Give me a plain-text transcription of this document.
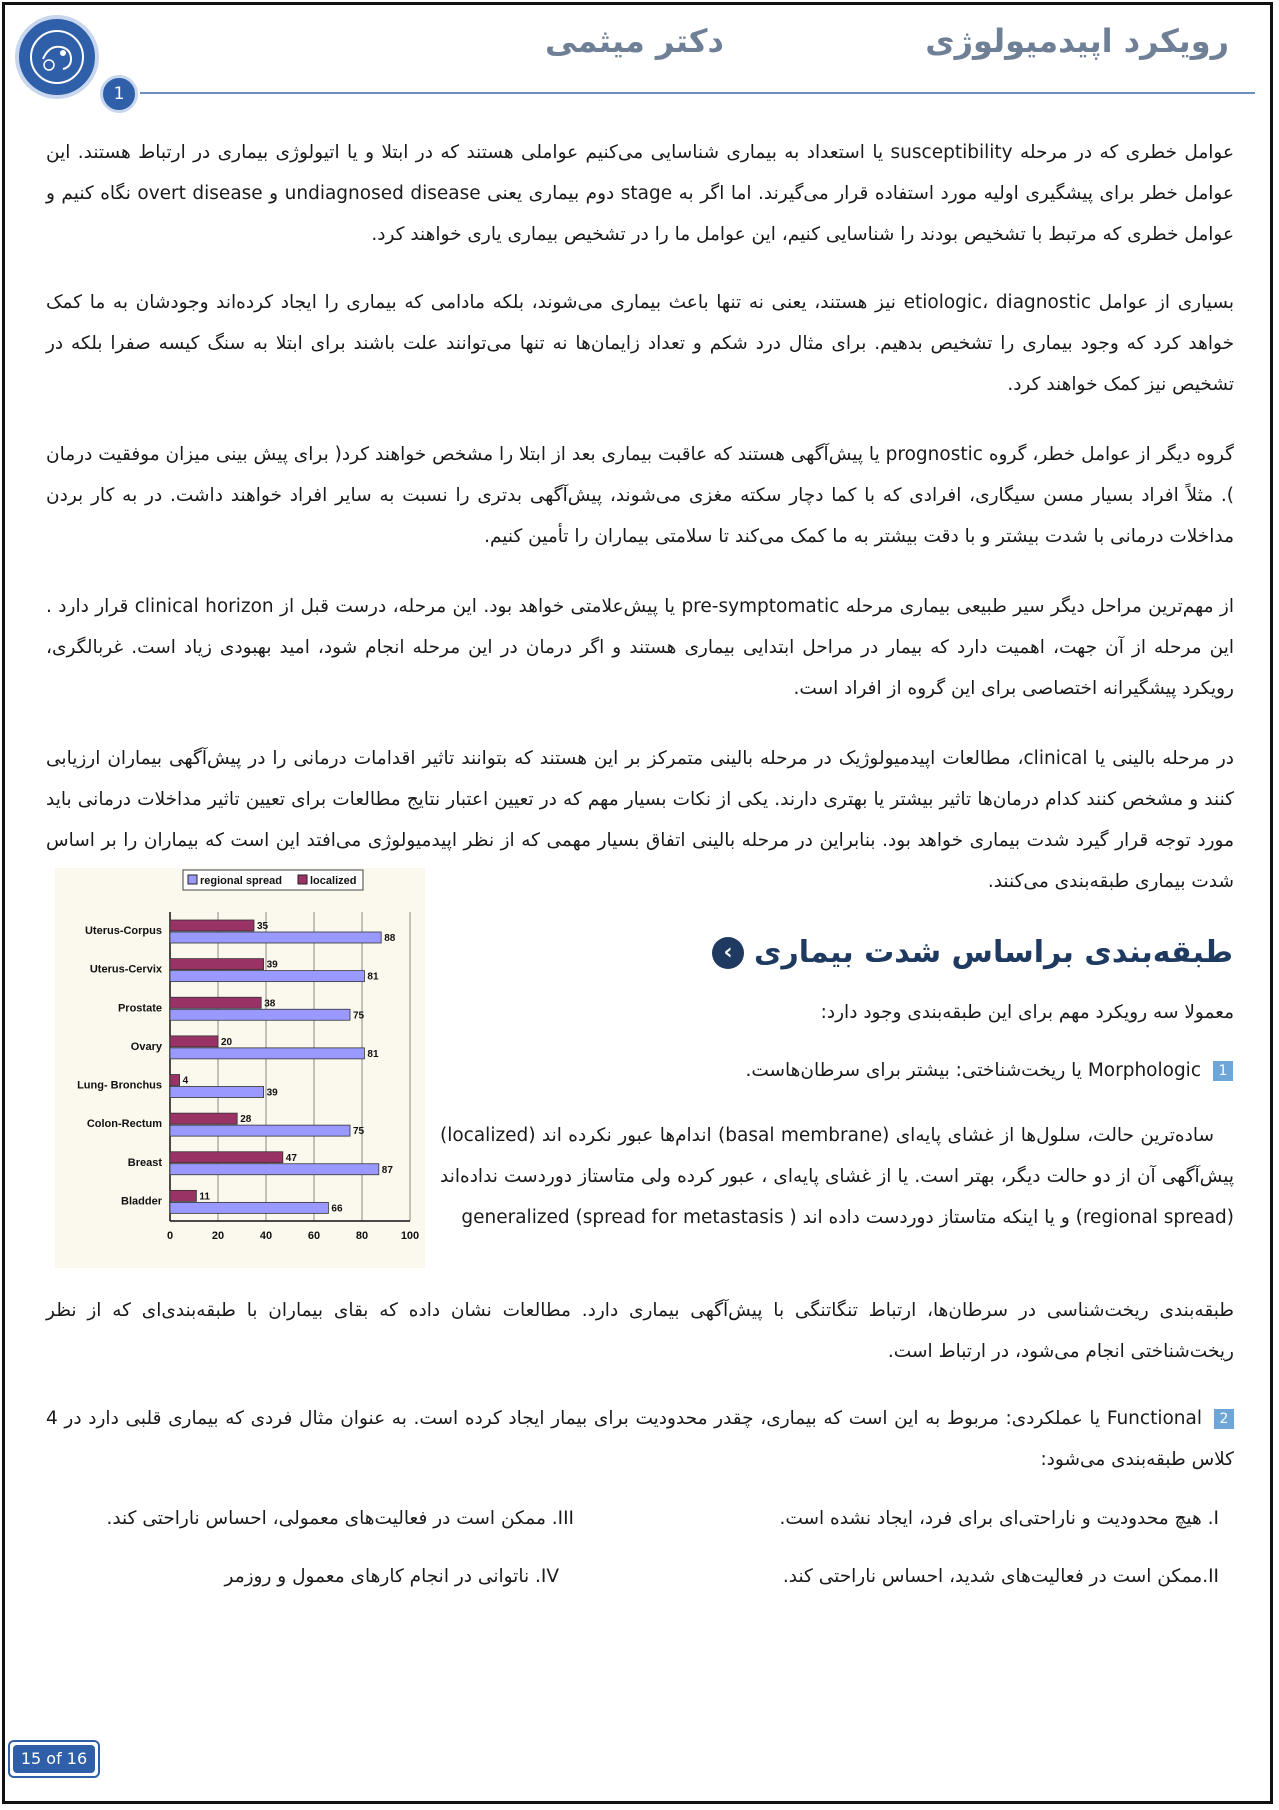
1
رویکرد اپیدمیولوژی
دکتر میثمی

عوامل خطری که در مرحله susceptibility یا استعداد به بیماری شناسایی می‌کنیم عواملی هستند که در ابتلا و یا اتیولوژی بیماری در ارتباط هستند. این عوامل خطر برای پیشگیری اولیه مورد استفاده قرار می‌گیرند. اما اگر به stage دوم بیماری یعنی undiagnosed disease و overt disease نگاه کنیم و عوامل خطری که مرتبط با تشخیص بودند را شناسایی کنیم، این عوامل ما را در تشخیص بیماری یاری خواهند کرد.

بسیاری از عوامل etiologic، diagnostic نیز هستند، یعنی نه تنها باعث بیماری می‌شوند، بلکه مادامی که بیماری را ایجاد کرده‌اند وجودشان به ما کمک خواهد کرد که وجود بیماری را تشخیص بدهیم. برای مثال درد شکم و تعداد زایمان‌ها نه تنها می‌توانند علت باشند برای ابتلا به سنگ کیسه صفرا بلکه در تشخیص نیز کمک خواهند کرد.

گروه دیگر از عوامل خطر، گروه prognostic یا پیش‌آگهی هستند که عاقبت بیماری بعد از ابتلا را مشخص خواهند کرد( برای پیش بینی میزان موفقیت درمان ). مثلاً افراد بسیار مسن سیگاری، افرادی که با کما دچار سکته مغزی می‌شوند، پیش‌آگهی بدتری را نسبت به سایر افراد خواهند داشت. در به کار بردن مداخلات درمانی با شدت بیشتر و با دقت بیشتر به ما کمک می‌کند تا سلامتی بیماران را تأمین کنیم.

از مهم‌ترین مراحل دیگر سیر طبیعی بیماری مرحله pre-symptomatic یا پیش‌علامتی خواهد بود. این مرحله، درست قبل از clinical horizon قرار دارد . این مرحله از آن جهت، اهمیت دارد که بیمار در مراحل ابتدایی بیماری هستند و اگر درمان در این مرحله انجام شود، امید بهبودی زیاد است. غربالگری، رویکرد پیشگیرانه اختصاصی برای این گروه از افراد است.

در مرحله بالینی یا clinical، مطالعات اپیدمیولوژیک در مرحله بالینی متمرکز بر این هستند که بتوانند تاثیر اقدامات درمانی را در پیش‌آگهی بیماران ارزیابی کنند و مشخص کنند کدام درمان‌ها تاثیر بیشتر یا بهتری دارند. یکی از نکات بسیار مهم که در تعیین اعتبار نتایج مطالعات برای تعیین تاثیر مداخلات درمانی باید مورد توجه قرار گیرد شدت بیماری خواهد بود. بنابراین در مرحله بالینی اتفاق بسیار مهمی که از نظر اپیدمیولوژی می‌افتد این است که بیماران را بر اساس شدت بیماری طبقه‌بندی می‌کنند.

0	20	40	60	80	100
regional spread	localized
35
88
Uterus-Corpus
39
81
Uterus-Cervix
38
75
Prostate
20
81
Ovary
4
39
Lung- Bronchus
28
75
Colon-Rectum
47
87
Breast
11
66
Bladder
طبقه‌بندی براساس شدت بیماری
›

معمولا سه رویکرد مهم برای این طبقه‌بندی وجود دارد:

1Morphologic یا ریخت‌شناختی: بیشتر برای سرطان‌هاست.

ساده‌ترین حالت، سلول‌ها از غشای پایه‌ای (basal membrane) اندام‌ها عبور نکرده اند (localized) پیش‌آگهی آن از دو حالت دیگر، بهتر است. یا از غشای پایه‌ای ، عبور کرده ولی متاستاز دوردست نداده‌اند (regional spread) و یا اینکه متاستاز دوردست داده اند ( generalized (spread for metastasis

طبقه‌بندی ریخت‌شناسی در سرطان‌ها، ارتباط تنگاتنگی با پیش‌آگهی بیماری دارد. مطالعات نشان داده که بقای بیماران با طبقه‌بندی‌ای که از نظر ریخت‌شناختی انجام می‌شود، در ارتباط است.

2Functional یا عملکردی: مربوط به این است که بیماری، چقدر محدودیت برای بیمار ایجاد کرده است. به عنوان مثال فردی که بیماری قلبی دارد در 4 کلاس طبقه‌بندی می‌شود:
I. هیچ محدودیت و ناراحتی‌ای برای فرد، ایجاد نشده است.
III. ممکن است در فعالیت‌های معمولی، احساس ناراحتی کند.
II.ممکن است در فعالیت‌های شدید، احساس ناراحتی کند.
IV. ناتوانی در انجام کارهای معمول و روزمر
15 of 16
